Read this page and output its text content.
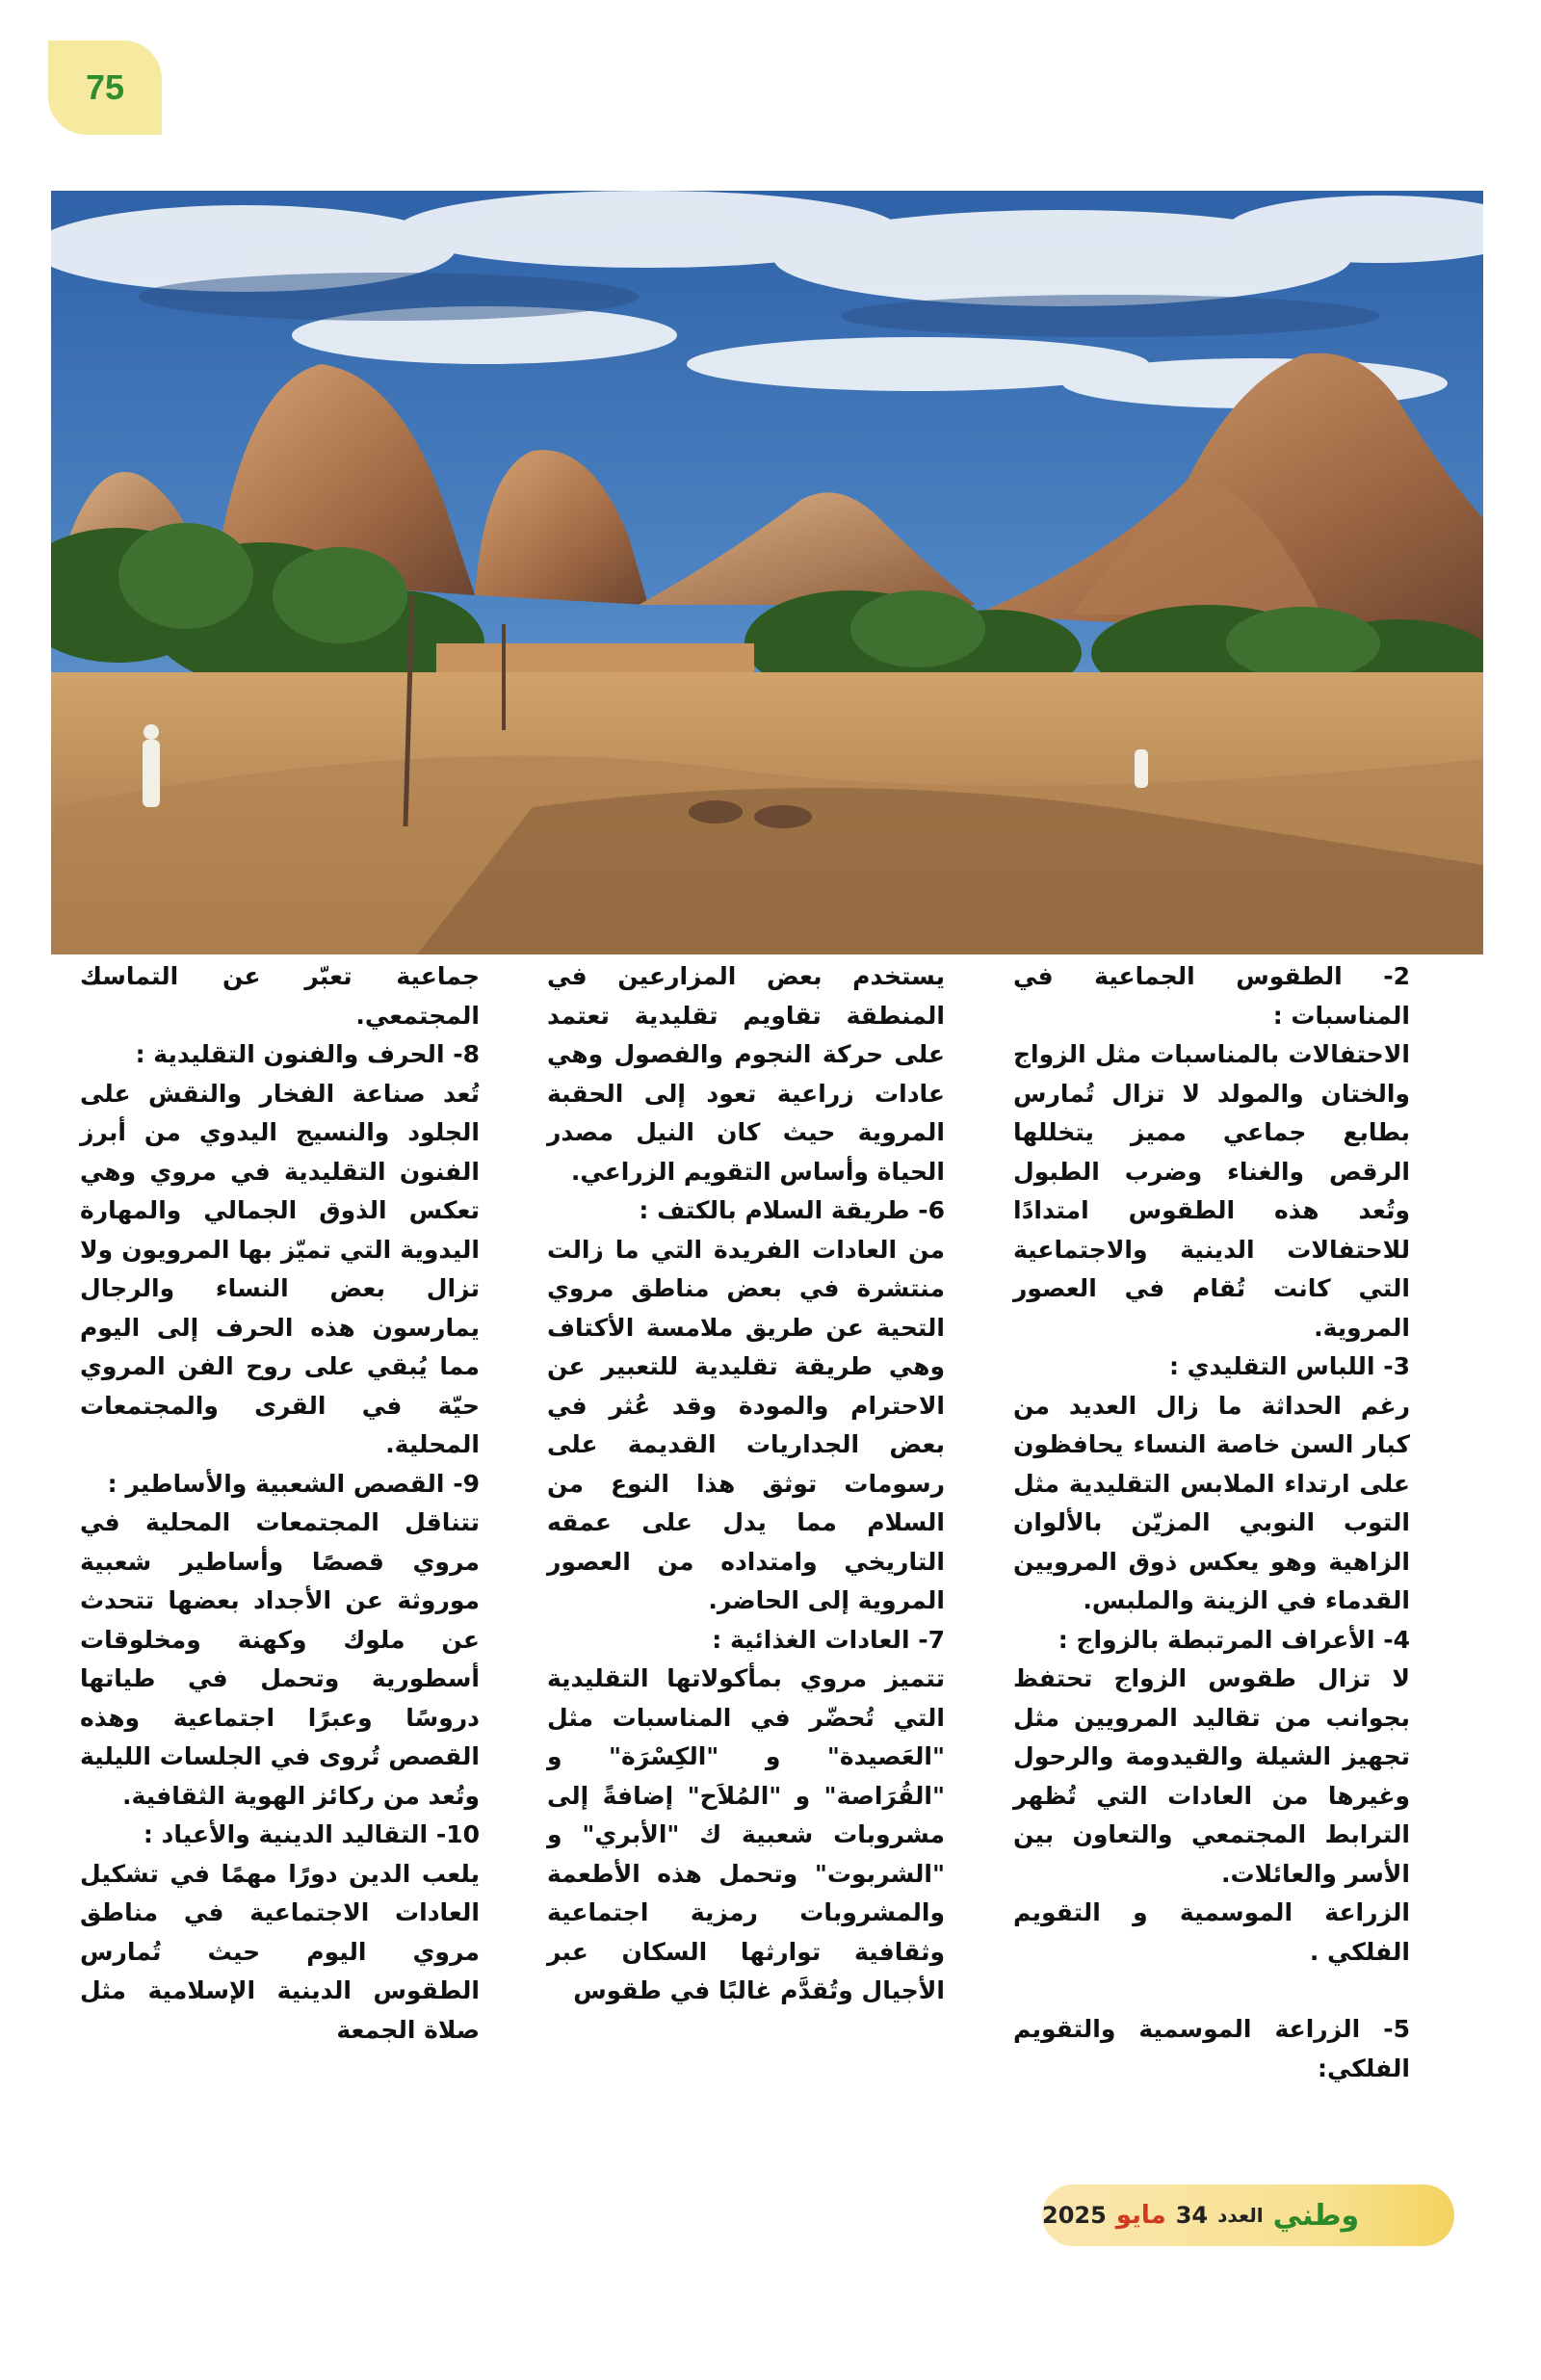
75

2- الطقوس الجماعية في المناسبات :

الاحتفالات بالمناسبات مثل الزواج والختان والمولد لا تزال تُمارس بطابع جماعي مميز يتخللها الرقص والغناء وضرب الطبول وتُعد هذه الطقوس امتدادًا للاحتفالات الدينية والاجتماعية التي كانت تُقام في العصور المروية.

3- اللباس التقليدي :

رغم الحداثة ما زال العديد من كبار السن خاصة النساء يحافظون على ارتداء الملابس التقليدية مثل التوب النوبي المزيّن بالألوان الزاهية وهو يعكس ذوق المرويين القدماء في الزينة والملبس.

4- الأعراف المرتبطة بالزواج :

لا تزال طقوس الزواج تحتفظ بجوانب من تقاليد المرويين مثل تجهيز الشيلة والقيدومة والرحول وغيرها من العادات التي تُظهر الترابط المجتمعي والتعاون بين الأسر والعائلات.

الزراعة الموسمية و التقويم الفلكي .

5- الزراعة الموسمية والتقويم الفلكي:

يستخدم بعض المزارعين في المنطقة تقاويم تقليدية تعتمد على حركة النجوم والفصول وهي عادات زراعية تعود إلى الحقبة المروية حيث كان النيل مصدر الحياة وأساس التقويم الزراعي.

6- طريقة السلام بالكتف :

من العادات الفريدة التي ما زالت منتشرة في بعض مناطق مروي التحية عن طريق ملامسة الأكتاف وهي طريقة تقليدية للتعبير عن الاحترام والمودة وقد عُثر في بعض الجداريات القديمة على رسومات توثق هذا النوع من السلام مما يدل على عمقه التاريخي وامتداده من العصور المروية إلى الحاضر.

7- العادات الغذائية :

تتميز مروي بمأكولاتها التقليدية التي تُحضّر في المناسبات مثل "العَصيدة" و "الكِسْرَة" و "القُرَاصة" و "المُلاَح" إضافةً إلى مشروبات شعبية ك "الأبري" و "الشربوت" وتحمل هذه الأطعمة والمشروبات رمزية اجتماعية وثقافية توارثها السكان عبر الأجيال وتُقدَّم غالبًا في طقوس

جماعية تعبّر عن التماسك المجتمعي.

8- الحرف والفنون التقليدية :

تُعد صناعة الفخار والنقش على الجلود والنسيج اليدوي من أبرز الفنون التقليدية في مروي وهي تعكس الذوق الجمالي والمهارة اليدوية التي تميّز بها المرويون ولا تزال بعض النساء والرجال يمارسون هذه الحرف إلى اليوم مما يُبقي على روح الفن المروي حيّة في القرى والمجتمعات المحلية.

9- القصص الشعبية والأساطير :

تتناقل المجتمعات المحلية في مروي قصصًا وأساطير شعبية موروثة عن الأجداد بعضها تتحدث عن ملوك وكهنة ومخلوقات أسطورية وتحمل في طياتها دروسًا وعبرًا اجتماعية وهذه القصص تُروى في الجلسات الليلية وتُعد من ركائز الهوية الثقافية.

10- التقاليد الدينية والأعياد :

يلعب الدين دورًا مهمًا في تشكيل العادات الاجتماعية في مناطق مروي اليوم حيث تُمارس الطقوس الدينية الإسلامية مثل صلاة الجمعة

وطني
العدد
34
مايو
2025
